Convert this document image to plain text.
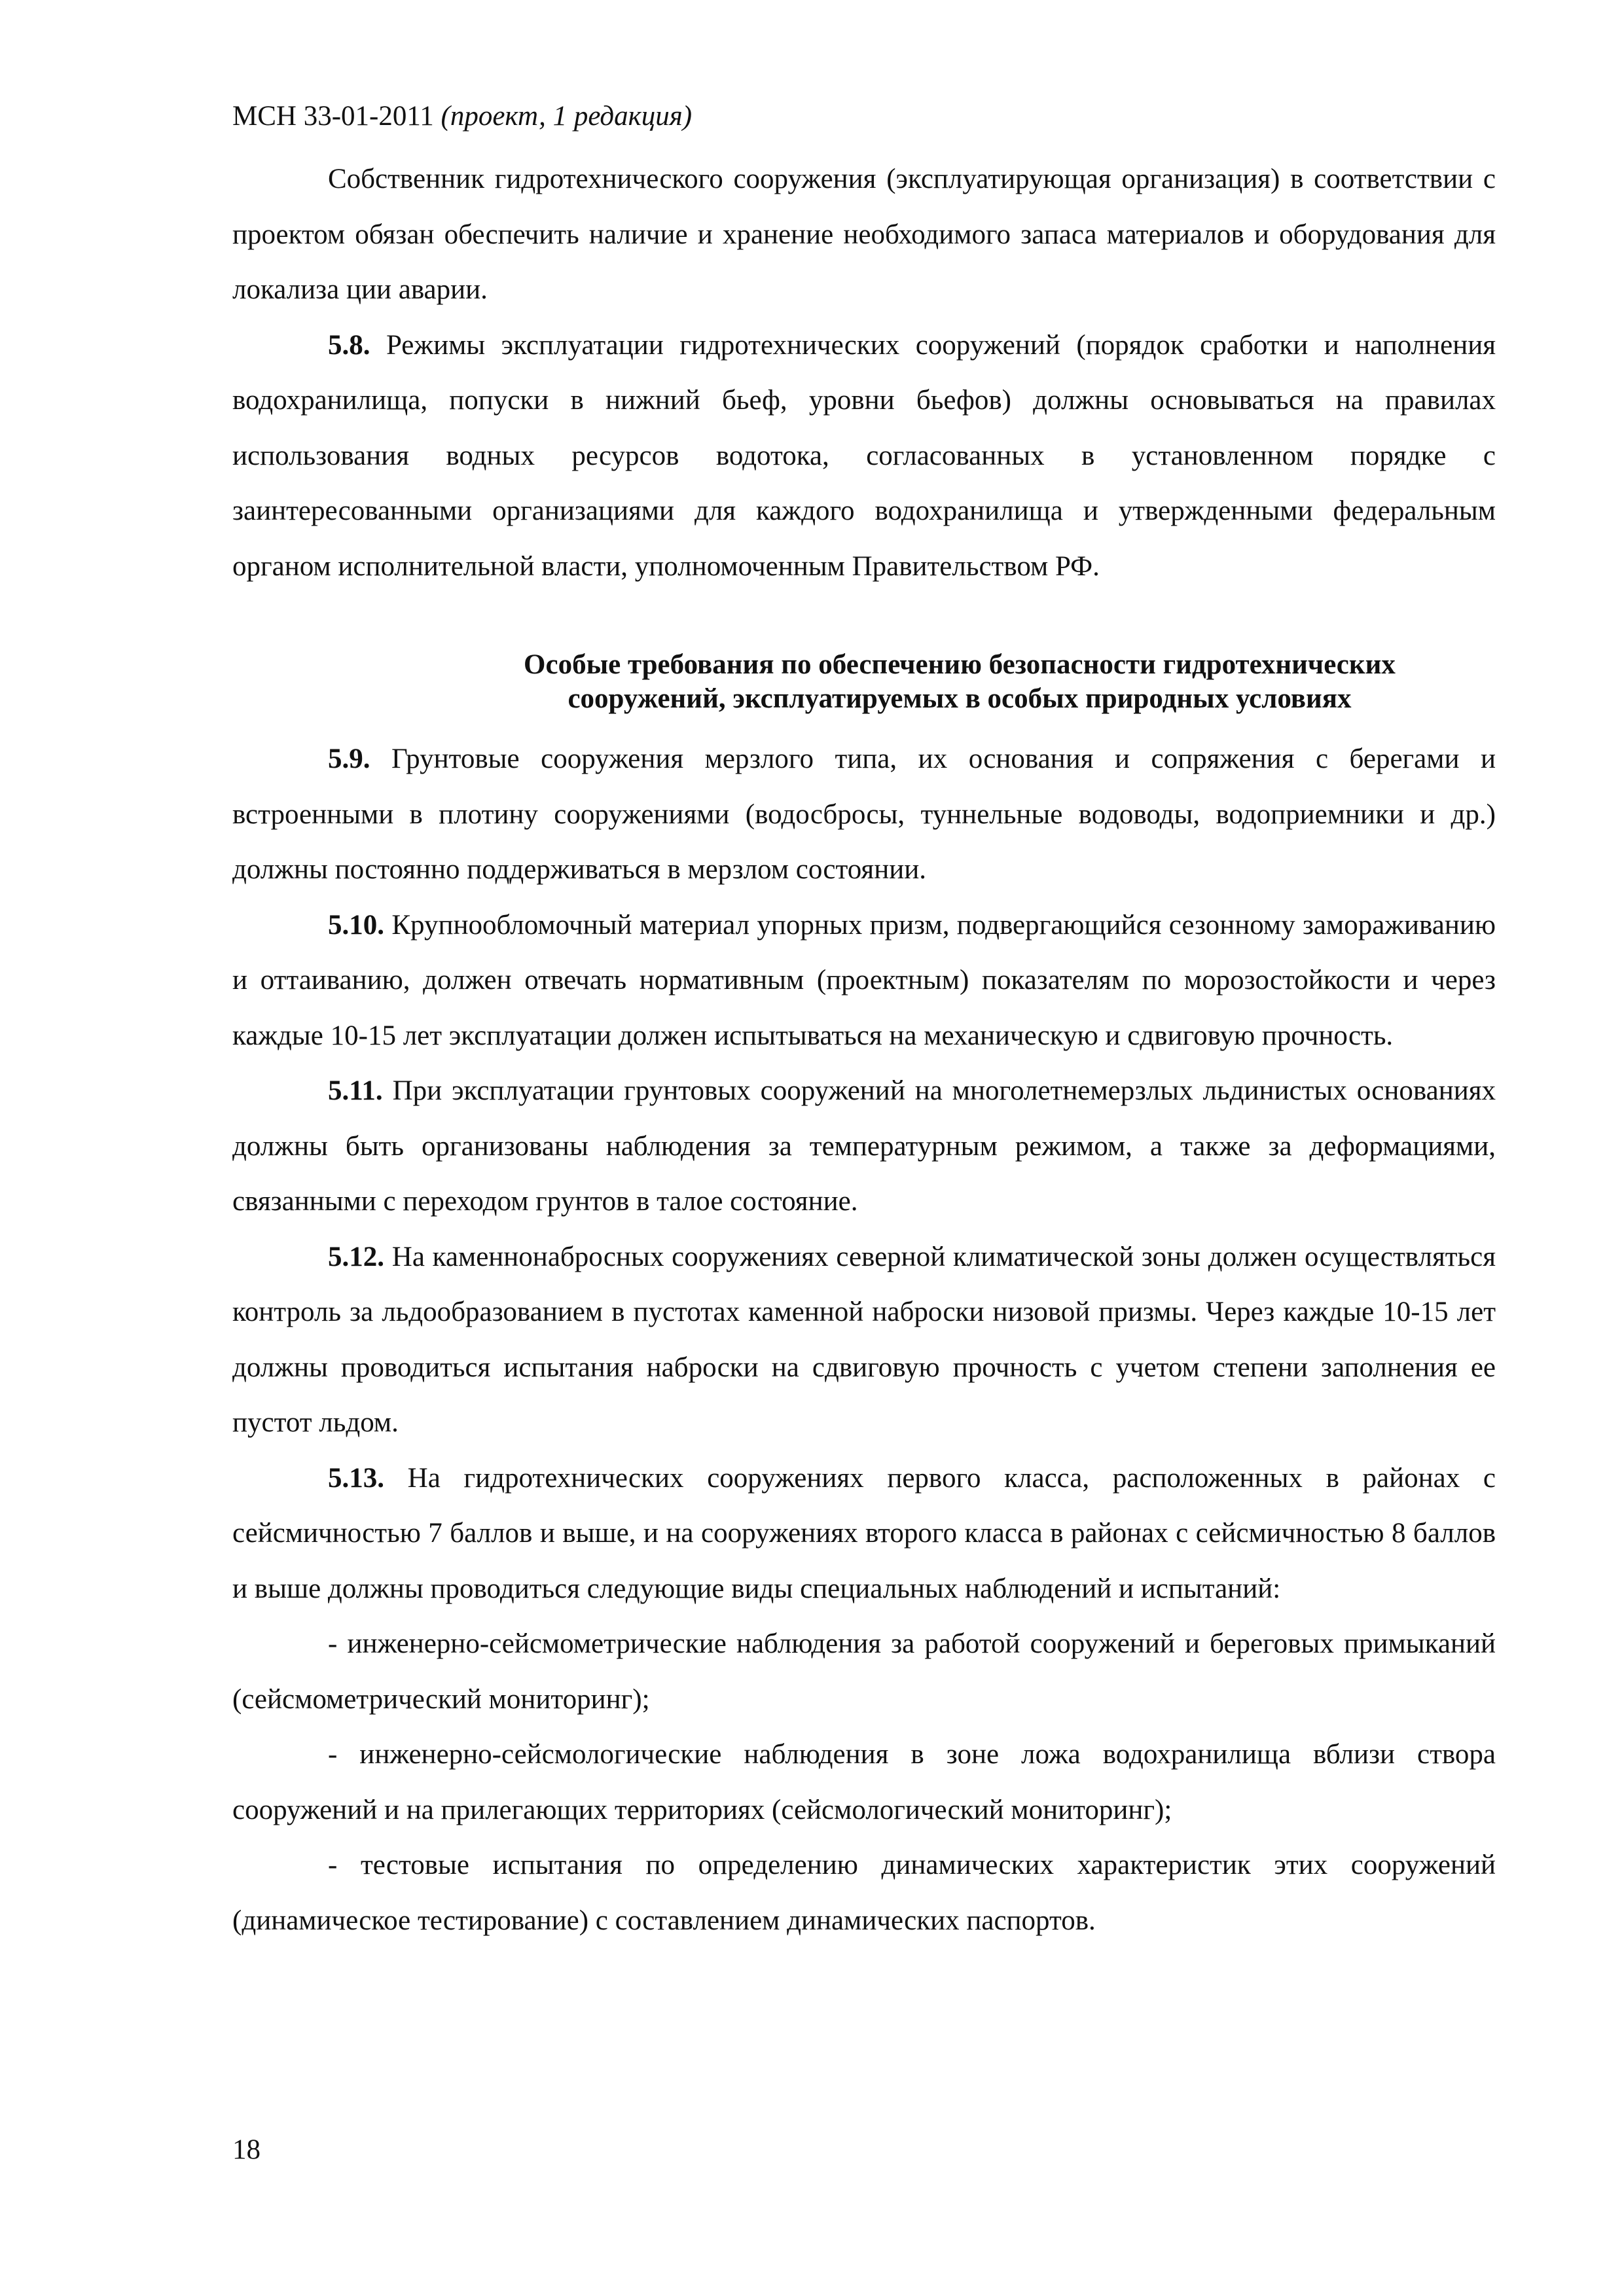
МСН 33-01-2011 (проект, 1 редакция)

Собственник гидротехнического сооружения (эксплуатирующая организация) в соответствии с проектом обязан обеспечить наличие и хранение необходимого запаса материалов и оборудования для локализа ции аварии.

5.8. Режимы эксплуатации гидротехнических сооружений (порядок сработки и наполнения водохранилища, попуски в нижний бьеф, уровни бьефов) должны основываться на правилах использования водных ресурсов водотока, согласованных в установленном порядке с заинтересованными организациями для каждого водохранилища и утвержденными федеральным органом исполнительной власти, уполномоченным Правительством РФ.

Особые требования по обеспечению безопасности гидротехнических

сооружений, эксплуатируемых в особых природных условиях

5.9. Грунтовые сооружения мерзлого типа, их основания и сопряжения с берегами и встроенными в плотину сооружениями (водосбросы, туннельные водоводы, водоприемники и др.) должны постоянно поддерживаться в мерзлом состоянии.

5.10. Крупнообломочный материал упорных призм, подвергающийся сезонному замораживанию и оттаиванию, должен отвечать нормативным (проектным) показателям по морозостойкости и через каждые 10-15 лет эксплуатации должен испытываться на механическую и сдвиговую прочность.

5.11. При эксплуатации грунтовых сооружений на многолетнемерзлых льдинистых основаниях должны быть организованы наблюдения за температурным режимом, а также за деформациями, связанными с переходом грунтов в талое состояние.

5.12. На каменнонабросных сооружениях северной климатической зоны должен осуществляться контроль за льдообразованием в пустотах каменной наброски низовой призмы. Через каждые 10-15 лет должны проводиться испытания наброски на сдвиговую прочность с учетом степени заполнения ее пустот льдом.

5.13. На гидротехнических сооружениях первого класса, расположенных в районах с сейсмичностью 7 баллов и выше, и на сооружениях второго класса в районах с сейсмичностью 8 баллов и выше должны проводиться следующие виды специальных наблюдений и испытаний:

- инженерно-сейсмометрические наблюдения за работой сооружений и береговых примыканий (сейсмометрический мониторинг);

- инженерно-сейсмологические наблюдения в зоне ложа водохранилища вблизи створа сооружений и на прилегающих территориях (сейсмологический мониторинг);

- тестовые испытания по определению динамических характеристик этих сооружений (динамическое тестирование) с составлением динамических паспортов.

18
